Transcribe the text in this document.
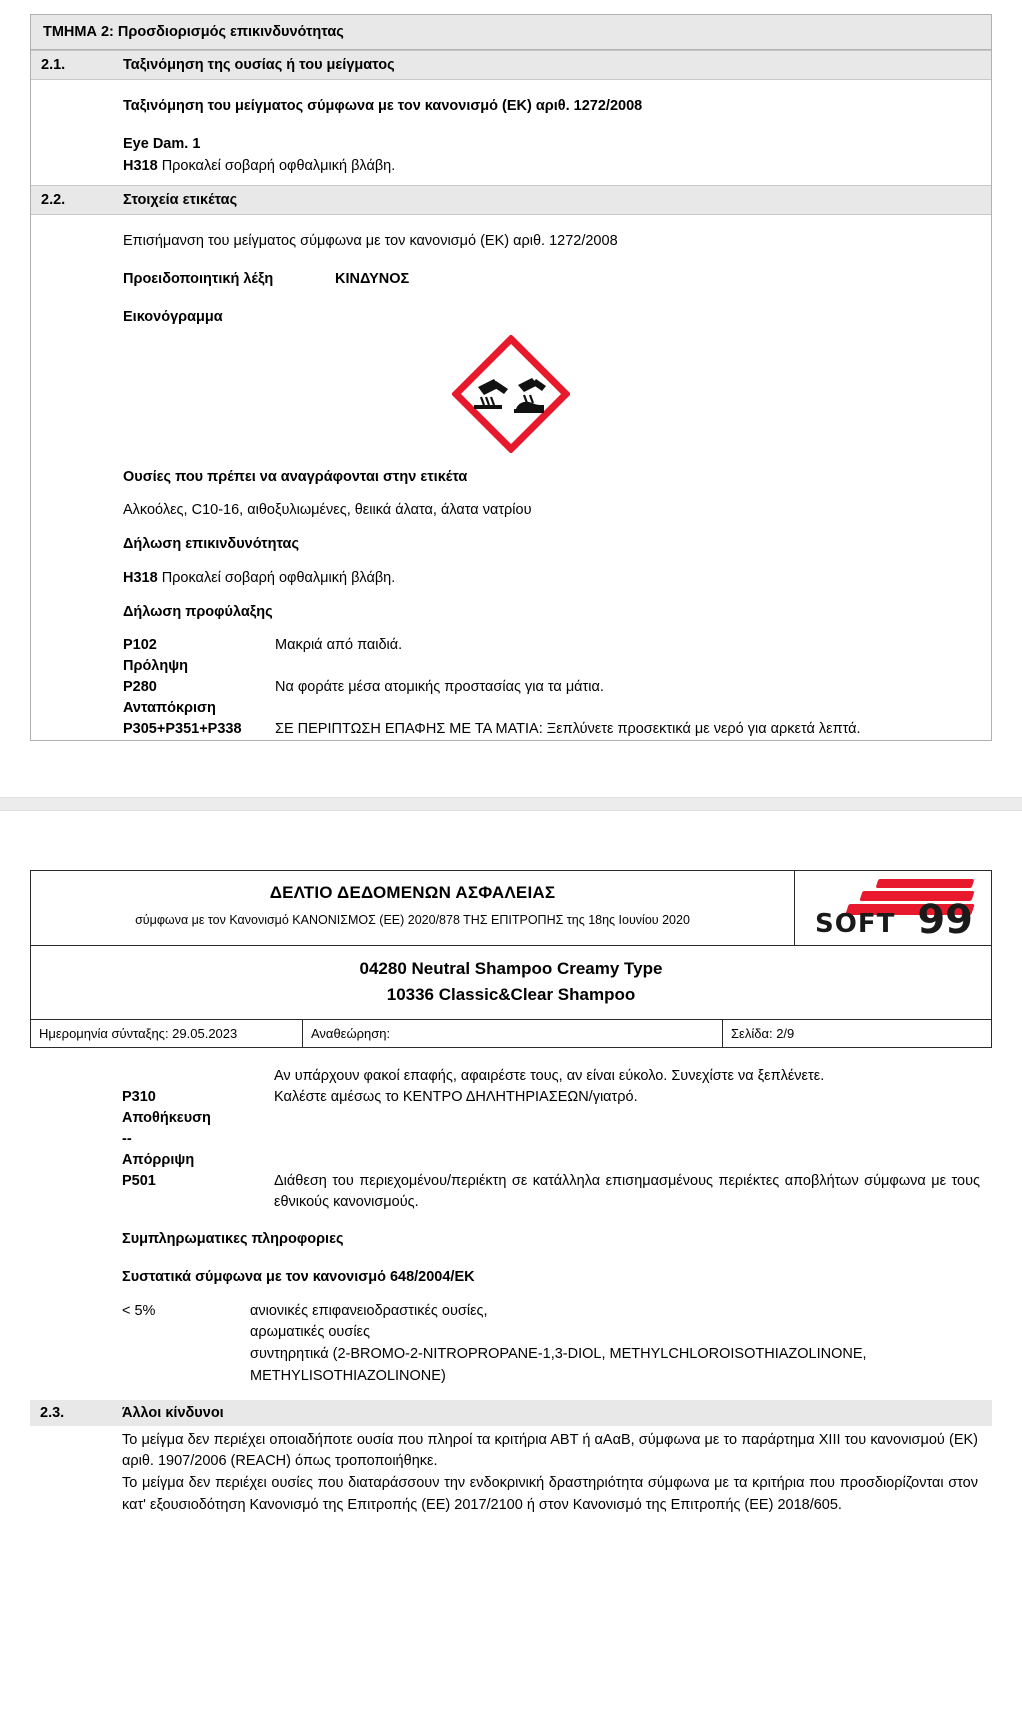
ΤΜΗΜΑ 2: Προσδιορισμός επικινδυνότητας
2.1.	Ταξινόμηση της ουσίας ή του μείγματος
Ταξινόμηση του μείγματος σύμφωνα με τον κανονισμό (ΕΚ) αριθ. 1272/2008
Eye Dam. 1
H318 Προκαλεί σοβαρή οφθαλμική βλάβη.
2.2.	Στοιχεία ετικέτας
Επισήμανση του μείγματος σύμφωνα με τον κανονισμό (ΕΚ) αριθ. 1272/2008
Προειδοποιητική λέξη	ΚΙΝΔΥΝΟΣ
Εικονόγραμμα
Ουσίες που πρέπει να αναγράφονται στην ετικέτα
Αλκοόλες, C10-16, αιθοξυλιωμένες, θειικά άλατα, άλατα νατρίου
Δήλωση επικινδυνότητας
H318 Προκαλεί σοβαρή οφθαλμική βλάβη.
Δήλωση προφύλαξης
P102	Μακριά από παιδιά.
Πρόληψη
P280	Να φοράτε μέσα ατομικής προστασίας για τα μάτια.
Ανταπόκριση
P305+P351+P338	ΣΕ ΠΕΡΙΠΤΩΣΗ ΕΠΑΦΗΣ ΜΕ ΤΑ ΜΑΤΙΑ: Ξεπλύνετε προσεκτικά με νερό για αρκετά λεπτά.
ΔΕΛΤΙΟ ΔΕΔΟΜΕΝΩΝ ΑΣΦΑΛΕΙΑΣ
σύμφωνα με τον Κανονισμό ΚΑΝΟΝΙΣΜΟΣ (ΕΕ) 2020/878 ΤΗΣ ΕΠΙΤΡΟΠΗΣ της 18ης Ιουνίου 2020	SOFT 99
04280 Neutral Shampoo Creamy Type
10336 Classic&Clear Shampoo
Ημερομηνία σύνταξης: 29.05.2023	Αναθεώρηση:	Σελίδα: 2/9
Αν υπάρχουν φακοί επαφής, αφαιρέστε τους, αν είναι εύκολο. Συνεχίστε να ξεπλένετε.
P310	Καλέστε αμέσως το ΚΕΝΤΡΟ ΔΗΛΗΤΗΡΙΑΣΕΩΝ/γιατρό.
Αποθήκευση
--
Απόρριψη
P501	Διάθεση του περιεχομένου/περιέκτη σε κατάλληλα επισημασμένους περιέκτες αποβλήτων σύμφωνα με τους εθνικούς κανονισμούς.
Συμπληρωματικες πληροφοριες
Συστατικά σύμφωνα με τον κανονισμό 648/2004/ΕΚ
< 5%	ανιονικές επιφανειοδραστικές ουσίες,
αρωματικές ουσίες
συντηρητικά (2-BROMO-2-NITROPROPANE-1,3-DIOL, METHYLCHLOROISOTHIAZOLINONE,
METHYLISOTHIAZOLINONE)
2.3.	Άλλοι κίνδυνοι
Το μείγμα δεν περιέχει οποιαδήποτε ουσία που πληροί τα κριτήρια ΑΒΤ ή αΑαΒ, σύμφωνα με το παράρτημα XIII του κανονισμού (ΕΚ) αριθ. 1907/2006 (REACH) όπως τροποποιήθηκε.
Το μείγμα δεν περιέχει ουσίες που διαταράσσουν την ενδοκρινική δραστηριότητα σύμφωνα με τα κριτήρια που προσδιορίζονται στον κατ' εξουσιοδότηση Κανονισμό της Επιτροπής (ΕΕ) 2017/2100 ή στον Κανονισμό της Επιτροπής (ΕΕ) 2018/605.
